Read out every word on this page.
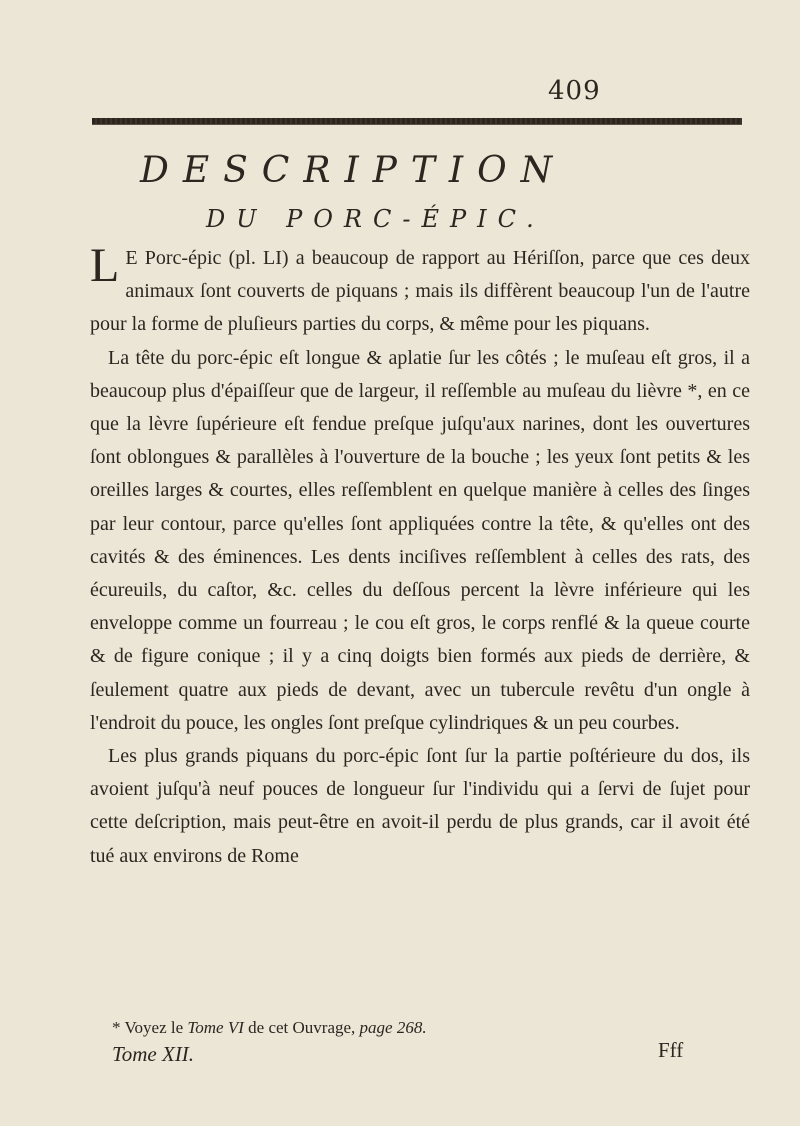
409
DESCRIPTION
DU PORC-ÉPIC.

L E Porc-épic (pl. LI) a beaucoup de rapport au Hériſſon, parce que ces deux animaux ſont couverts de piquans ; mais ils diffèrent beaucoup l'un de l'autre pour la forme de pluſieurs parties du corps, & même pour les piquans.

La tête du porc-épic eſt longue & aplatie ſur les côtés ; le muſeau eſt gros, il a beaucoup plus d'épaiſſeur que de largeur, il reſſemble au muſeau du lièvre *, en ce que la lèvre ſupérieure eſt fendue preſque juſqu'aux narines, dont les ouvertures ſont oblongues & parallèles à l'ouverture de la bouche ; les yeux ſont petits & les oreilles larges & courtes, elles reſſemblent en quelque manière à celles des ſinges par leur contour, parce qu'elles ſont appliquées contre la tête, & qu'elles ont des cavités & des éminences. Les dents inciſives reſſemblent à celles des rats, des écureuils, du caſtor, &c. celles du deſſous percent la lèvre inférieure qui les enveloppe comme un fourreau ; le cou eſt gros, le corps renflé & la queue courte & de figure conique ; il y a cinq doigts bien formés aux pieds de derrière, & ſeulement quatre aux pieds de devant, avec un tubercule revêtu d'un ongle à l'endroit du pouce, les ongles ſont preſque cylindriques & un peu courbes.

Les plus grands piquans du porc-épic ſont ſur la partie poſtérieure du dos, ils avoient juſqu'à neuf pouces de longueur ſur l'individu qui a ſervi de ſujet pour cette deſcription, mais peut-être en avoit-il perdu de plus grands, car il avoit été tué aux environs de Rome

* Voyez le Tome VI de cet Ouvrage, page 268.
Tome XII.	Fff
